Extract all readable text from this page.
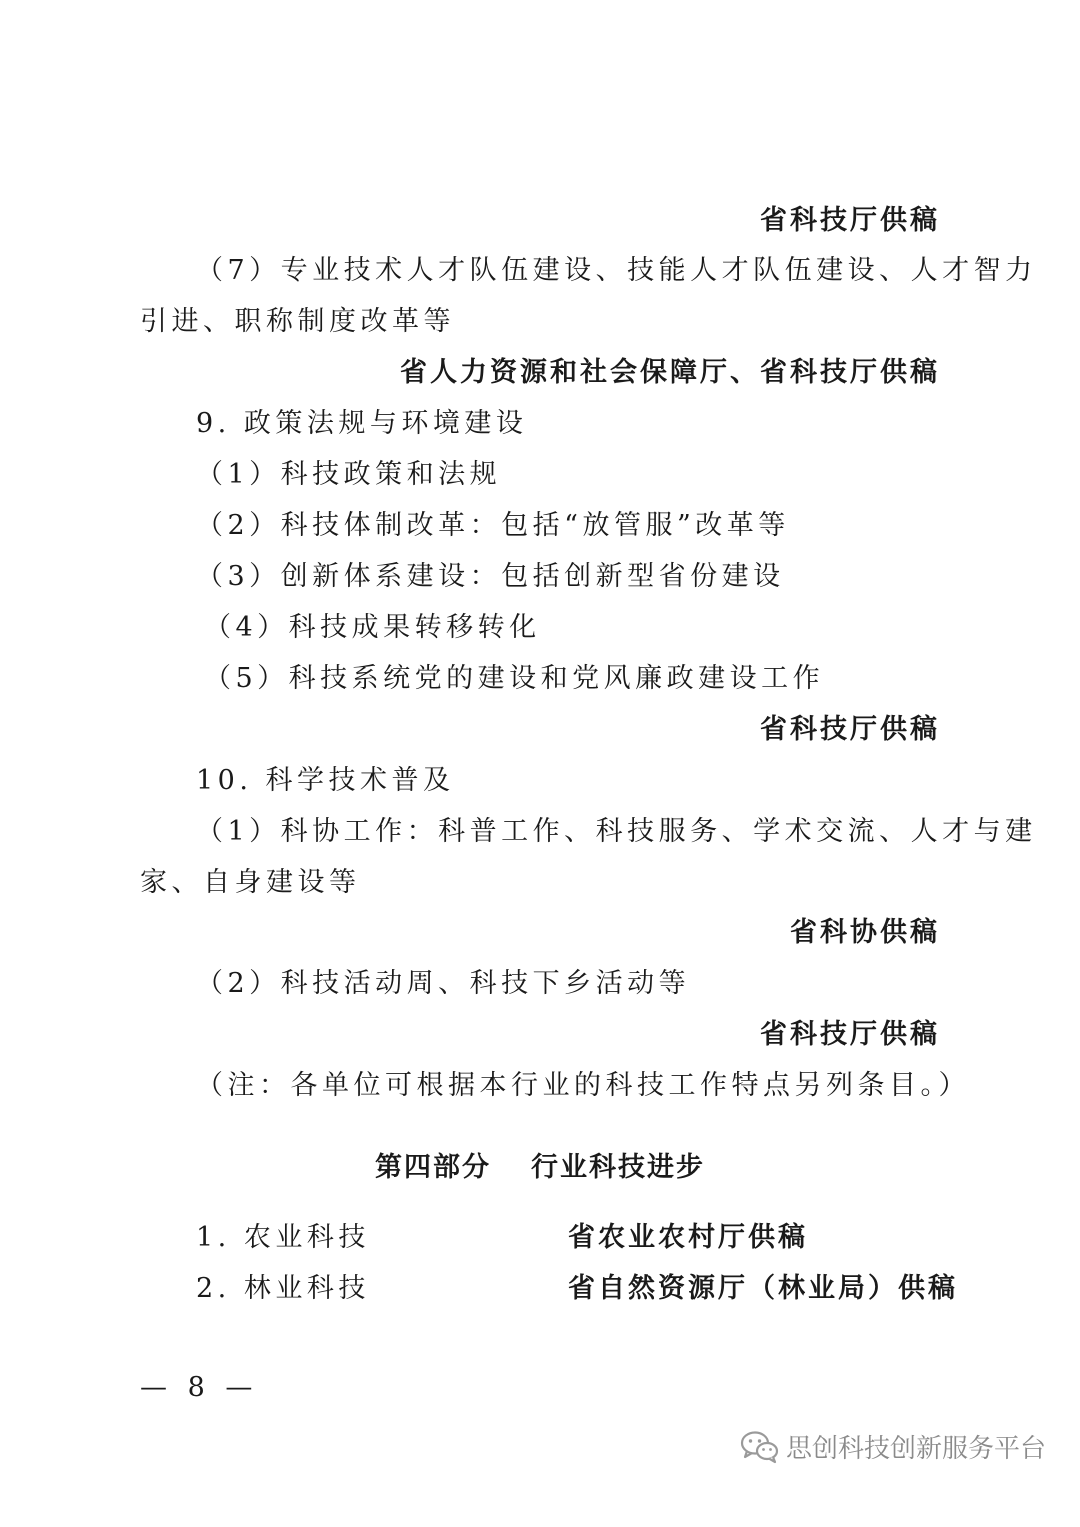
省科技厅供稿
（7）专业技术人才队伍建设、技能人才队伍建设、人才智力
引进、职称制度改革等
省人力资源和社会保障厅、省科技厅供稿
9. 政策法规与环境建设
（1）科技政策和法规
（2）科技体制改革：包括“放管服”改革等
（3）创新体系建设：包括创新型省份建设
（4）科技成果转移转化
（5）科技系统党的建设和党风廉政建设工作
省科技厅供稿
10. 科学技术普及
（1）科协工作：科普工作、科技服务、学术交流、人才与建
家、自身建设等
省科协供稿
（2）科技活动周、科技下乡活动等
省科技厅供稿
（注：各单位可根据本行业的科技工作特点另列条目。）
第四部分 行业科技进步
1. 农业科技	省农业农村厅供稿
2. 林业科技	省自然资源厅（林业局）供稿
— 8 —
思创科技创新服务平台
